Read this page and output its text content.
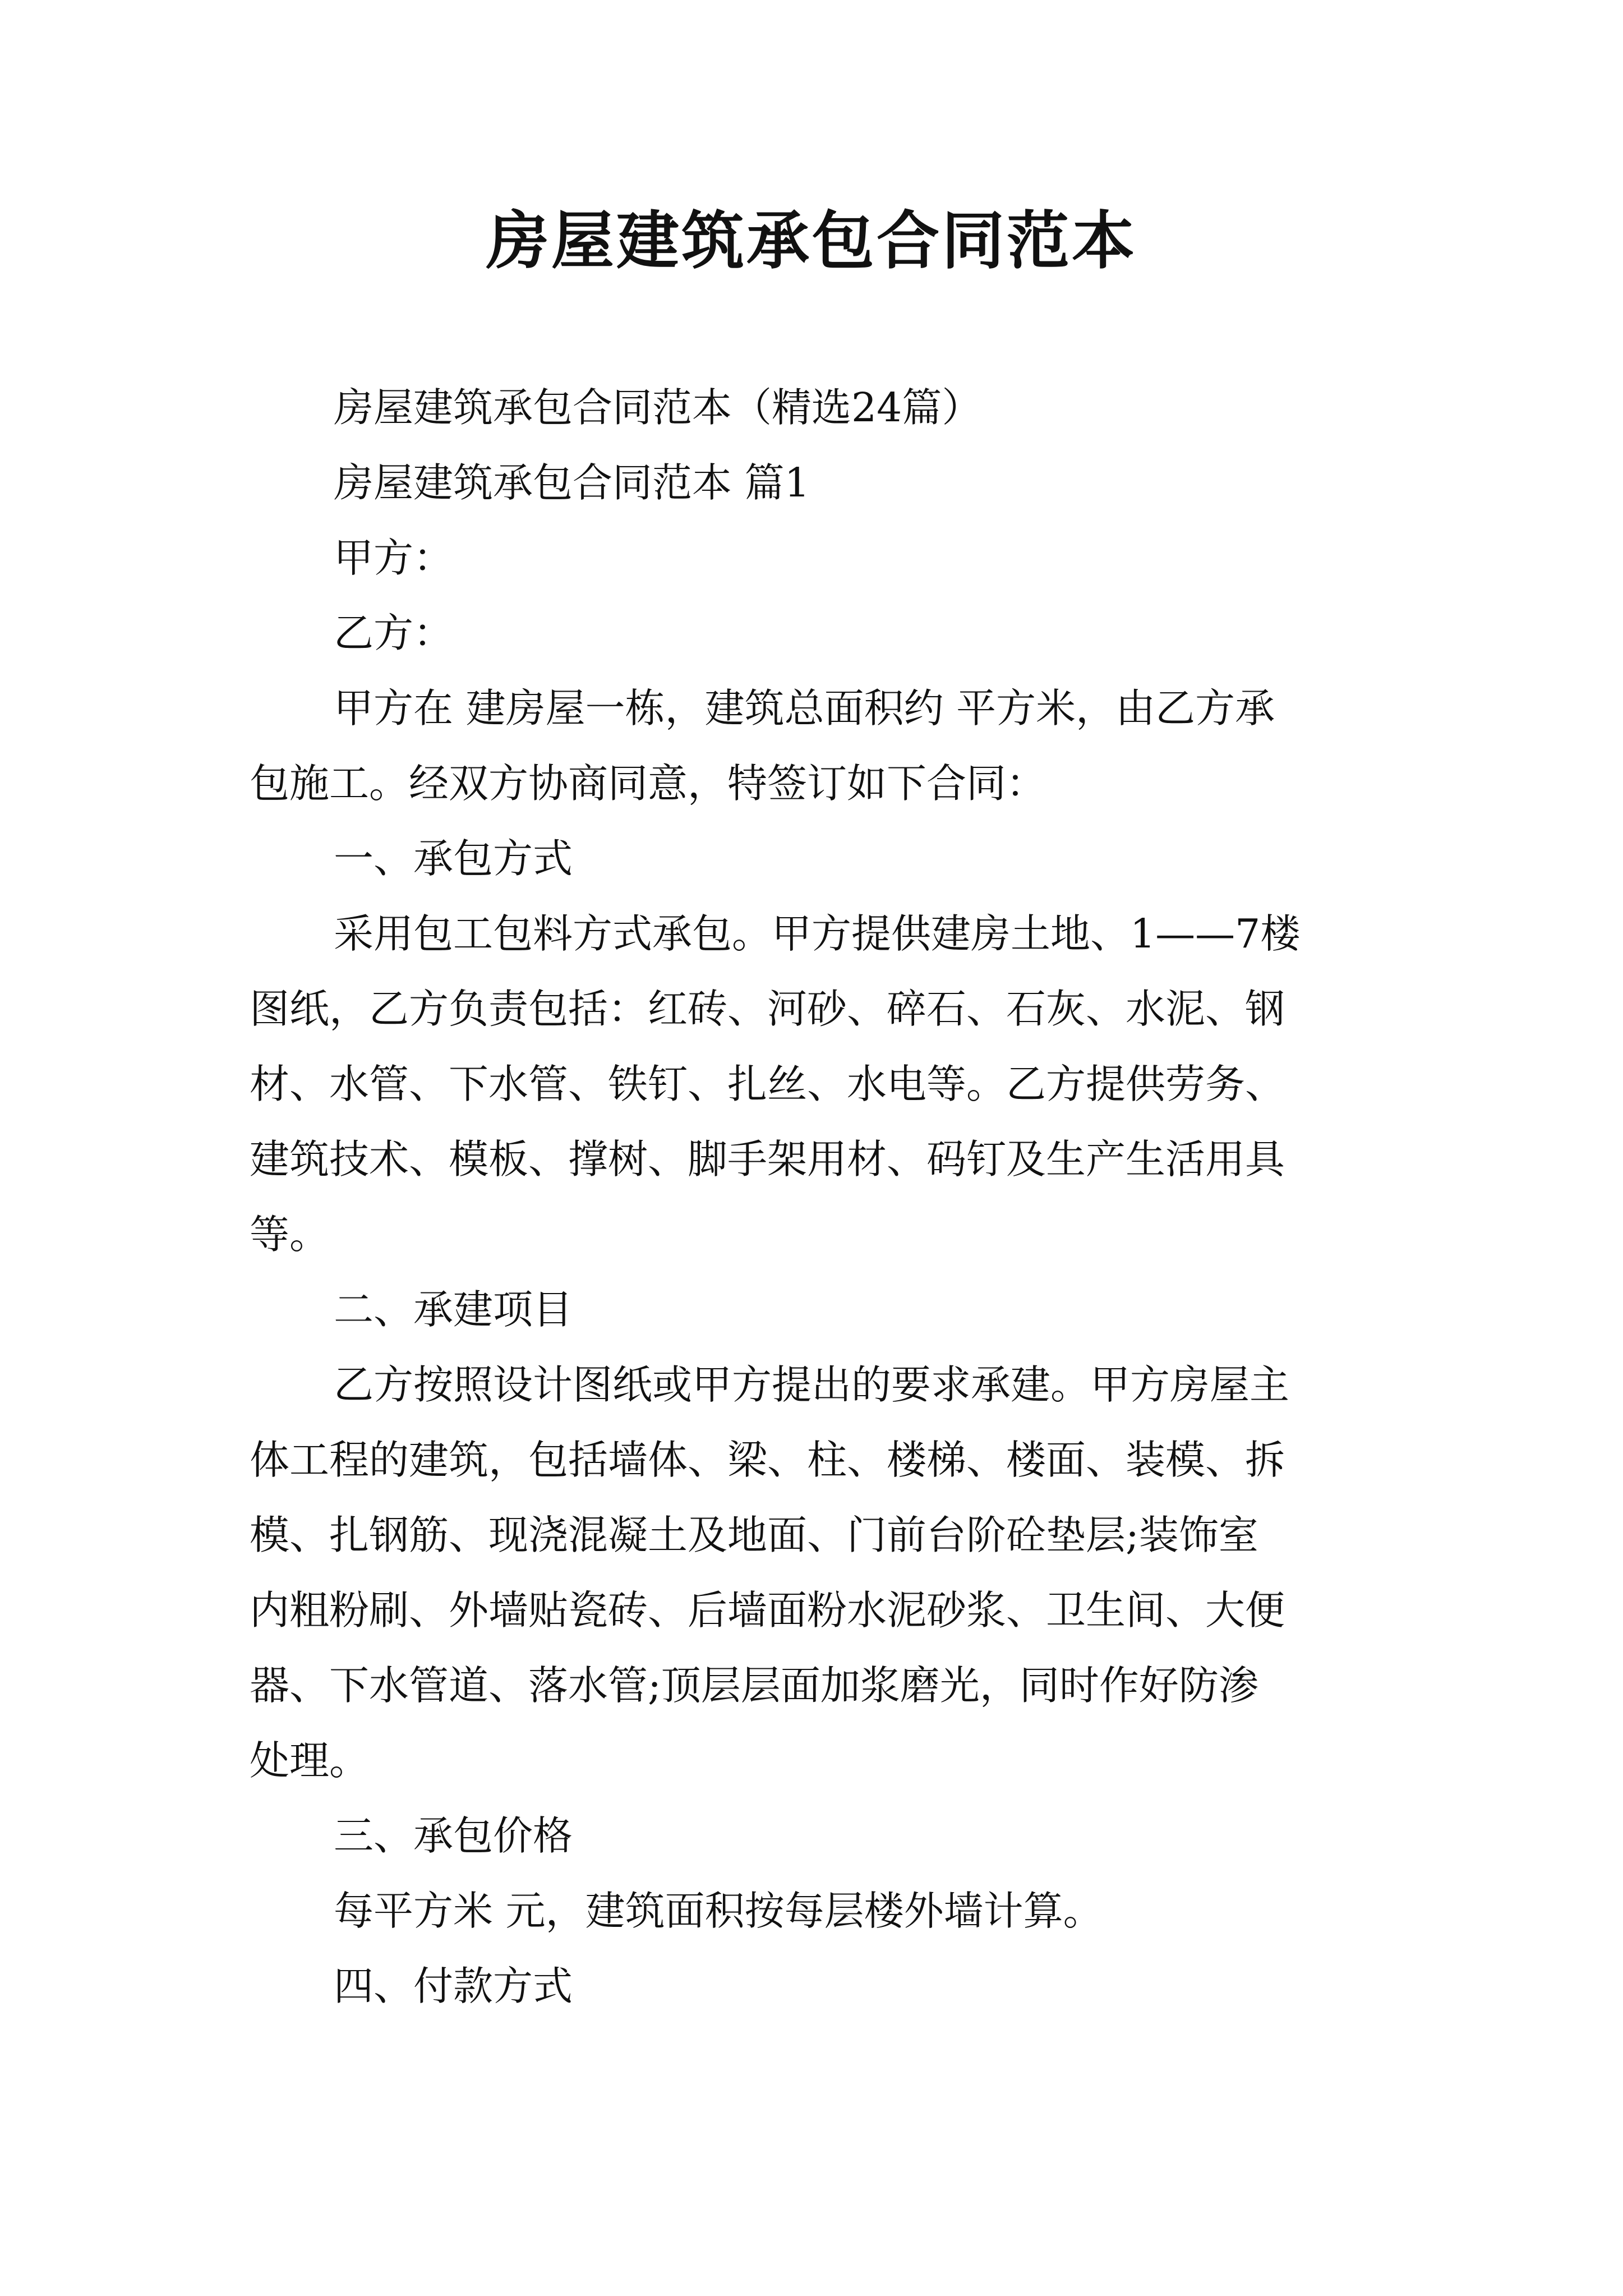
房屋建筑承包合同范本
房屋建筑承包合同范本（精选24篇）
房屋建筑承包合同范本 篇1
甲方：
乙方：
甲方在 建房屋一栋，建筑总面积约 平方米，由乙方承
包施工。经双方协商同意，特签订如下合同：
一、承包方式
采用包工包料方式承包。甲方提供建房土地、1——7楼
图纸，乙方负责包括：红砖、河砂、碎石、石灰、水泥、钢
材、水管、下水管、铁钉、扎丝、水电等。乙方提供劳务、
建筑技术、模板、撑树、脚手架用材、码钉及生产生活用具
等。
二、承建项目
乙方按照设计图纸或甲方提出的要求承建。甲方房屋主
体工程的建筑，包括墙体、梁、柱、楼梯、楼面、装模、拆
模、扎钢筋、现浇混凝土及地面、门前台阶砼垫层;装饰室
内粗粉刷、外墙贴瓷砖、后墙面粉水泥砂浆、卫生间、大便
器、下水管道、落水管;顶层层面加浆磨光，同时作好防渗
处理。
三、承包价格
每平方米 元，建筑面积按每层楼外墙计算。
四、付款方式
